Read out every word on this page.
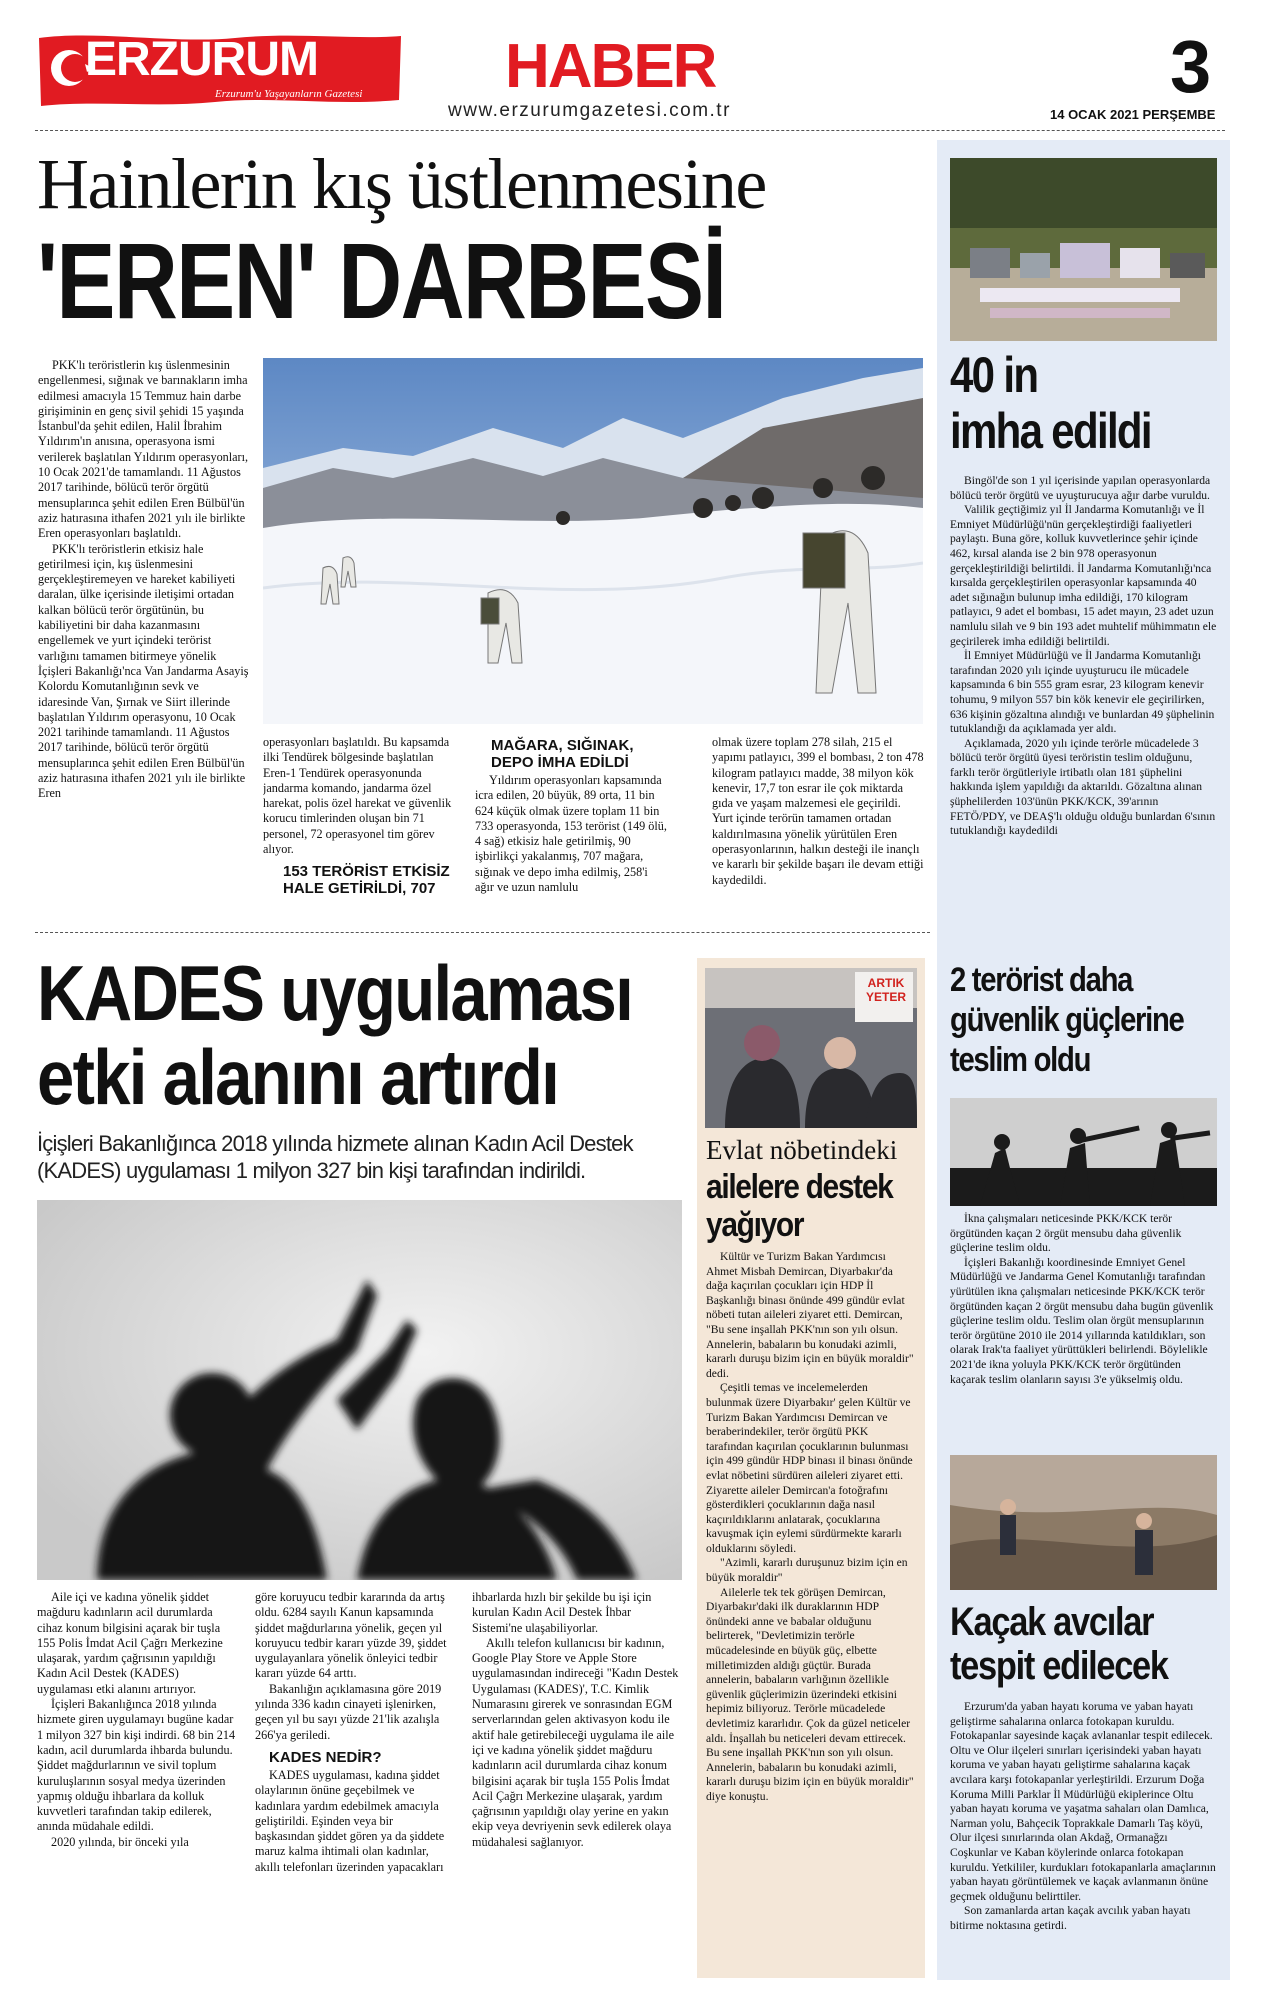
ERZURUM
Erzurum'u Yaşayanların Gazetesi HABER
www.erzurumgazetesi.com.tr
3
14 OCAK 2021 PERŞEMBE
Hainlerin kış üstlenmesine
'EREN' DARBESİ

PKK'lı teröristlerin kış üslenmesinin engellenmesi, sığınak ve barınakların imha edilmesi amacıyla 15 Temmuz hain darbe girişiminin en genç sivil şehidi 15 yaşında İstanbul'da şehit edilen, Halil İbrahim Yıldırım'ın anısına, operasyona ismi verilerek başlatılan Yıldırım operasyonları, 10 Ocak 2021'de tamamlandı. 11 Ağustos 2017 tarihinde, bölücü terör örgütü mensuplarınca şehit edilen Eren Bülbül'ün aziz hatırasına ithafen 2021 yılı ile birlikte Eren operasyonları başlatıldı.

PKK'lı teröristlerin etkisiz hale getirilmesi için, kış üslenmesini gerçekleştiremeyen ve hareket kabiliyeti daralan, ülke içerisinde iletişimi ortadan kalkan bölücü terör örgütünün, bu kabiliyetini bir daha kazanmasını engellemek ve yurt içindeki terörist varlığını tamamen bitirmeye yönelik İçişleri Bakanlığı'nca Van Jandarma Asayiş Kolordu Komutanlığının sevk ve idaresinde Van, Şırnak ve Siirt illerinde başlatılan Yıldırım operasyonu, 10 Ocak 2021 tarihinde tamamlandı. 11 Ağustos 2017 tarihinde, bölücü terör örgütü mensuplarınca şehit edilen Eren Bülbül'ün aziz hatırasına ithafen 2021 yılı ile birlikte Eren

operasyonları başlatıldı. Bu kapsamda ilki Tendürek bölgesinde başlatılan Eren-1 Tendürek operasyonunda jandarma komando, jandarma özel harekat, polis özel harekat ve güvenlik korucu timlerinden oluşan bin 71 personel, 72 operasyonel tim görev alıyor.

153 TERÖRİST ETKİSİZ HALE GETİRİLDİ, 707
MAĞARA, SIĞINAK, DEPO İMHA EDİLDİ

Yıldırım operasyonları kapsamında icra edilen, 20 büyük, 89 orta, 11 bin 624 küçük olmak üzere toplam 11 bin 733 operasyonda, 153 terörist (149 ölü, 4 sağ) etkisiz hale getirilmiş, 90 işbirlikçi yakalanmış, 707 mağara, sığınak ve depo imha edilmiş, 258'i ağır ve uzun namlulu

olmak üzere toplam 278 silah, 215 el yapımı patlayıcı, 399 el bombası, 2 ton 478 kilogram patlayıcı madde, 38 milyon kök kenevir, 17,7 ton esrar ile çok miktarda gıda ve yaşam malzemesi ele geçirildi. Yurt içinde terörün tamamen ortadan kaldırılmasına yönelik yürütülen Eren operasyonlarının, halkın desteği ile inançlı ve kararlı bir şekilde başarı ile devam ettiği kaydedildi.

KADES uygulaması
etki alanını artırdı
İçişleri Bakanlığınca 2018 yılında hizmete alınan Kadın Acil Destek (KADES) uygulaması 1 milyon 327 bin kişi tarafından indirildi.

Aile içi ve kadına yönelik şiddet mağduru kadınların acil durumlarda cihaz konum bilgisini açarak bir tuşla 155 Polis İmdat Acil Çağrı Merkezine ulaşarak, yardım çağrısının yapıldığı Kadın Acil Destek (KADES) uygulaması etki alanını artırıyor.

İçişleri Bakanlığınca 2018 yılında hizmete giren uygulamayı bugüne kadar 1 milyon 327 bin kişi indirdi. 68 bin 214 kadın, acil durumlarda ihbarda bulundu. Şiddet mağdurlarının ve sivil toplum kuruluşlarının sosyal medya üzerinden yapmış olduğu ihbarlara da kolluk kuvvetleri tarafından takip edilerek, anında müdahale edildi.

2020 yılında, bir önceki yıla

göre koruyucu tedbir kararında da artış oldu. 6284 sayılı Kanun kapsamında şiddet mağdurlarına yönelik, geçen yıl koruyucu tedbir kararı yüzde 39, şiddet uygulayanlara yönelik önleyici tedbir kararı yüzde 64 arttı.

Bakanlığın açıklamasına göre 2019 yılında 336 kadın cinayeti işlenirken, geçen yıl bu sayı yüzde 21'lik azalışla 266'ya geriledi.

KADES NEDİR?

KADES uygulaması, kadına şiddet olaylarının önüne geçebilmek ve kadınlara yardım edebilmek amacıyla geliştirildi. Eşinden veya bir başkasından şiddet gören ya da şiddete maruz kalma ihtimali olan kadınlar, akıllı telefonları üzerinden yapacakları

ihbarlarda hızlı bir şekilde bu işi için kurulan Kadın Acil Destek İhbar Sistemi'ne ulaşabiliyorlar.

Akıllı telefon kullanıcısı bir kadının, Google Play Store ve Apple Store uygulamasından indireceği "Kadın Destek Uygulaması (KADES)', T.C. Kimlik Numarasını girerek ve sonrasından EGM serverlarından gelen aktivasyon kodu ile aktif hale getirebileceği uygulama ile aile içi ve kadına yönelik şiddet mağduru kadınların acil durumlarda cihaz konum bilgisini açarak bir tuşla 155 Polis İmdat Acil Çağrı Merkezine ulaşarak, yardım çağrısının yapıldığı olay yerine en yakın ekip veya devriyenin sevk edilerek olaya müdahalesi sağlanıyor.

ARTIK YETER
Evlat nöbetindeki
ailelere destek
yağıyor

Kültür ve Turizm Bakan Yardımcısı Ahmet Misbah Demircan, Diyarbakır'da dağa kaçırılan çocukları için HDP İl Başkanlığı binası önünde 499 gündür evlat nöbeti tutan aileleri ziyaret etti. Demircan, "Bu sene inşallah PKK'nın son yılı olsun. Annelerin, babaların bu konudaki azimli, kararlı duruşu bizim için en büyük moraldir" dedi.

Çeşitli temas ve incelemelerden bulunmak üzere Diyarbakır' gelen Kültür ve Turizm Bakan Yardımcısı Demircan ve beraberindekiler, terör örgütü PKK tarafından kaçırılan çocuklarının bulunması için 499 gündür HDP binası il binası önünde evlat nöbetini sürdüren aileleri ziyaret etti. Ziyarette aileler Demircan'a fotoğrafını gösterdikleri çocuklarının dağa nasıl kaçırıldıklarını anlatarak, çocuklarına kavuşmak için eylemi sürdürmekte kararlı olduklarını söyledi.

"Azimli, kararlı duruşunuz bizim için en büyük moraldir"

Ailelerle tek tek görüşen Demircan, Diyarbakır'daki ilk duraklarının HDP önündeki anne ve babalar olduğunu belirterek, "Devletimizin terörle mücadelesinde en büyük güç, elbette milletimizden aldığı güçtür. Burada annelerin, babaların varlığının özellikle güvenlik güçlerimizin üzerindeki etkisini hepimiz biliyoruz. Terörle mücadelede devletimiz kararlıdır. Çok da güzel neticeler aldı. İnşallah bu neticeleri devam ettirecek. Bu sene inşallah PKK'nın son yılı olsun. Annelerin, babaların bu konudaki azimli, kararlı duruşu bizim için en büyük moraldir" diye konuştu.

40 in
imha edildi

Bingöl'de son 1 yıl içerisinde yapılan operasyonlarda bölücü terör örgütü ve uyuşturucuya ağır darbe vuruldu.

Valilik geçtiğimiz yıl İl Jandarma Komutanlığı ve İl Emniyet Müdürlüğü'nün gerçekleştirdiği faaliyetleri paylaştı. Buna göre, kolluk kuvvetlerince şehir içinde 462, kırsal alanda ise 2 bin 978 operasyonun gerçekleştirildiği belirtildi. İl Jandarma Komutanlığı'nca kırsalda gerçekleştirilen operasyonlar kapsamında 40 adet sığınağın bulunup imha edildiği, 170 kilogram patlayıcı, 9 adet el bombası, 15 adet mayın, 23 adet uzun namlulu silah ve 9 bin 193 adet muhtelif mühimmatın ele geçirilerek imha edildiği belirtildi.

İl Emniyet Müdürlüğü ve İl Jandarma Komutanlığı tarafından 2020 yılı içinde uyuşturucu ile mücadele kapsamında 6 bin 555 gram esrar, 23 kilogram kenevir tohumu, 9 milyon 557 bin kök kenevir ele geçirilirken, 636 kişinin gözaltına alındığı ve bunlardan 49 şüphelinin tutuklandığı da açıklamada yer aldı.

Açıklamada, 2020 yılı içinde terörle mücadelede 3 bölücü terör örgütü üyesi teröristin teslim olduğunu, farklı terör örgütleriyle irtibatlı olan 181 şüphelini hakkında işlem yapıldığı da aktarıldı. Gözaltına alınan şüphelilerden 103'ünün PKK/KCK, 39'arının FETÖ/PDY, ve DEAŞ'lı olduğu olduğu bunlardan 6'sının tutuklandığı kaydedildi

2 terörist daha
güvenlik güçlerine
teslim oldu

İkna çalışmaları neticesinde PKK/KCK terör örgütünden kaçan 2 örgüt mensubu daha güvenlik güçlerine teslim oldu.

İçişleri Bakanlığı koordinesinde Emniyet Genel Müdürlüğü ve Jandarma Genel Komutanlığı tarafından yürütülen ikna çalışmaları neticesinde PKK/KCK terör örgütünden kaçan 2 örgüt mensubu daha bugün güvenlik güçlerine teslim oldu. Teslim olan örgüt mensuplarının terör örgütüne 2010 ile 2014 yıllarında katıldıkları, son olarak Irak'ta faaliyet yürüttükleri belirlendi. Böylelikle 2021'de ikna yoluyla PKK/KCK terör örgütünden kaçarak teslim olanların sayısı 3'e yükselmiş oldu.

Kaçak avcılar
tespit edilecek

Erzurum'da yaban hayatı koruma ve yaban hayatı geliştirme sahalarına onlarca fotokapan kuruldu. Fotokapanlar sayesinde kaçak avlananlar tespit edilecek. Oltu ve Olur ilçeleri sınırları içerisindeki yaban hayatı koruma ve yaban hayatı geliştirme sahalarına kaçak avcılara karşı fotokapanlar yerleştirildi. Erzurum Doğa Koruma Milli Parklar İl Müdürlüğü ekiplerince Oltu yaban hayatı koruma ve yaşatma sahaları olan Damlıca, Narman yolu, Bahçecik Toprakkale Damarlı Taş köyü, Olur ilçesi sınırlarında olan Akdağ, Ormanağzı Coşkunlar ve Kaban köylerinde onlarca fotokapan kuruldu. Yetkililer, kurdukları fotokapanlarla amaçlarının yaban hayatı görüntülemek ve kaçak avlanmanın önüne geçmek olduğunu belirttiler.

Son zamanlarda artan kaçak avcılık yaban hayatı bitirme noktasına getirdi.
